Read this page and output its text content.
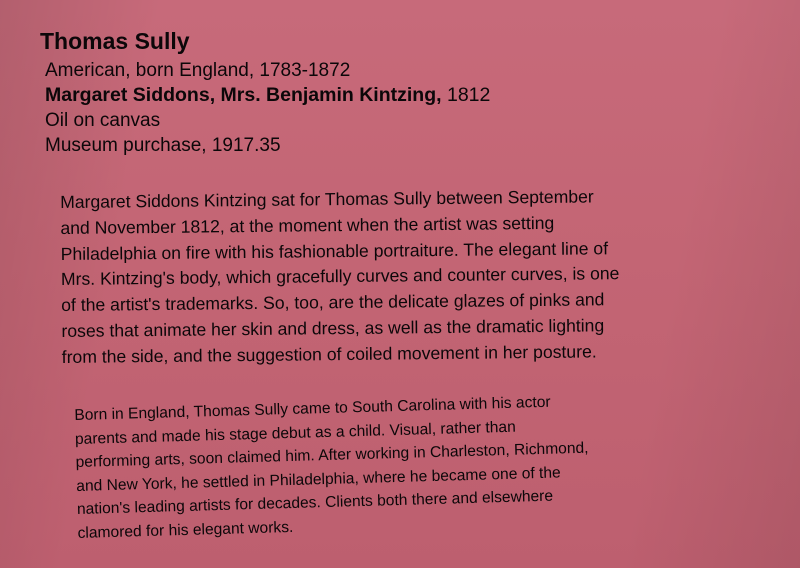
Thomas Sully
American, born England, 1783-1872
Margaret Siddons, Mrs. Benjamin Kintzing, 1812
Oil on canvas
Museum purchase, 1917.35
Margaret Siddons Kintzing sat for Thomas Sully between September
and November 1812, at the moment when the artist was setting
Philadelphia on fire with his fashionable portraiture. The elegant line of
Mrs. Kintzing's body, which gracefully curves and counter curves, is one
of the artist's trademarks. So, too, are the delicate glazes of pinks and
roses that animate her skin and dress, as well as the dramatic lighting
from the side, and the suggestion of coiled movement in her posture.
Born in England, Thomas Sully came to South Carolina with his actor
parents and made his stage debut as a child. Visual, rather than
performing arts, soon claimed him. After working in Charleston, Richmond,
and New York, he settled in Philadelphia, where he became one of the
nation's leading artists for decades. Clients both there and elsewhere
clamored for his elegant works.
